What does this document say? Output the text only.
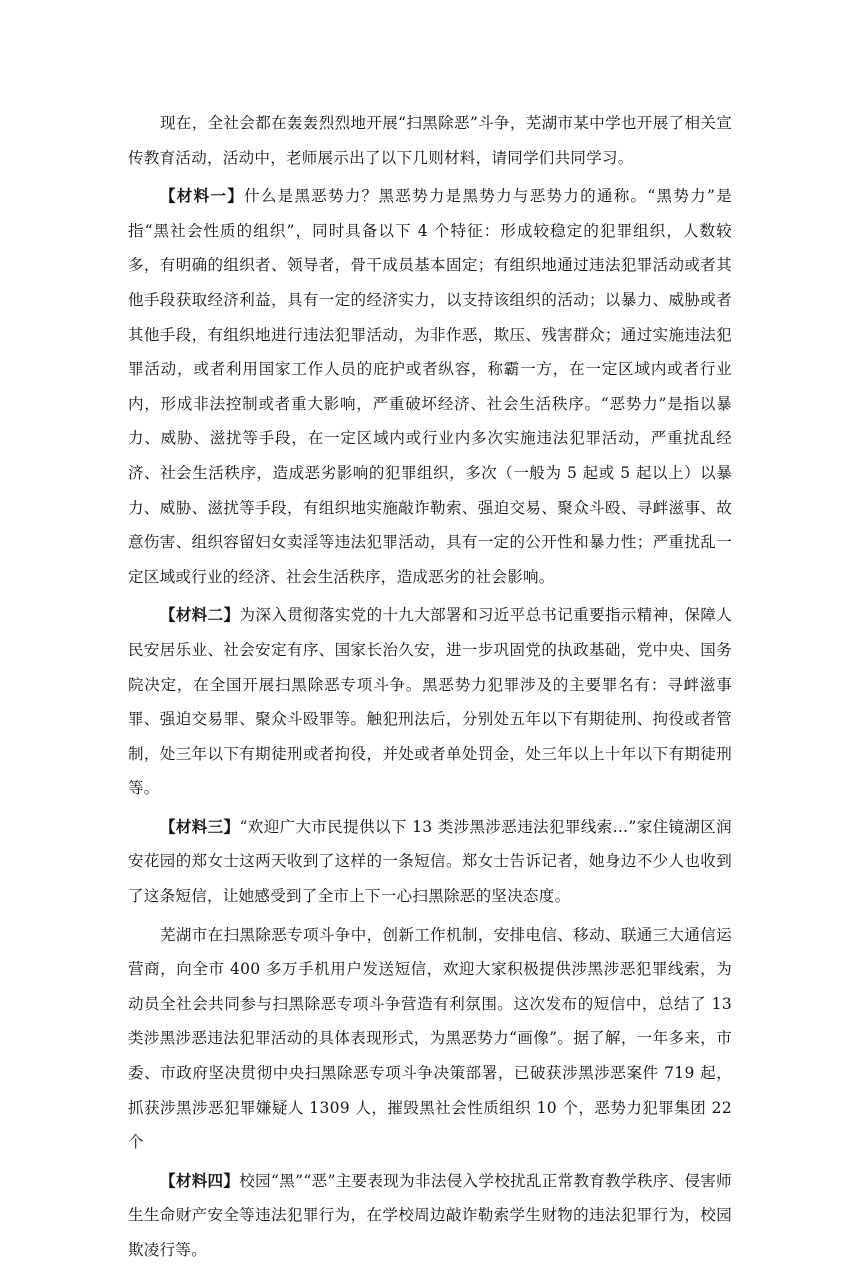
现在，全社会都在轰轰烈烈地开展“扫黑除恶”斗争，芜湖市某中学也开展了相关宣传教育活动，活动中，老师展示出了以下几则材料，请同学们共同学习。

【材料一】什么是黑恶势力？黑恶势力是黑势力与恶势力的通称。“黑势力”是指“黑社会性质的组织”，同时具备以下 4 个特征：形成较稳定的犯罪组织，人数较多，有明确的组织者、领导者，骨干成员基本固定；有组织地通过违法犯罪活动或者其他手段获取经济利益，具有一定的经济实力，以支持该组织的活动；以暴力、威胁或者其他手段，有组织地进行违法犯罪活动，为非作恶，欺压、残害群众；通过实施违法犯罪活动，或者利用国家工作人员的庇护或者纵容，称霸一方，在一定区域内或者行业内，形成非法控制或者重大影响，严重破坏经济、社会生活秩序。“恶势力”是指以暴力、威胁、滋扰等手段，在一定区域内或行业内多次实施违法犯罪活动，严重扰乱经济、社会生活秩序，造成恶劣影响的犯罪组织，多次（一般为 5 起或 5 起以上）以暴力、威胁、滋扰等手段，有组织地实施敲诈勒索、强迫交易、聚众斗殴、寻衅滋事、故意伤害、组织容留妇女卖淫等违法犯罪活动，具有一定的公开性和暴力性；严重扰乱一定区域或行业的经济、社会生活秩序，造成恶劣的社会影响。

【材料二】为深入贯彻落实党的十九大部署和习近平总书记重要指示精神，保障人民安居乐业、社会安定有序、国家长治久安，进一步巩固党的执政基础，党中央、国务院决定，在全国开展扫黑除恶专项斗争。黑恶势力犯罪涉及的主要罪名有：寻衅滋事罪、强迫交易罪、聚众斗殴罪等。触犯刑法后，分别处五年以下有期徒刑、拘役或者管制，处三年以下有期徒刑或者拘役，并处或者单处罚金，处三年以上十年以下有期徒刑等。

【材料三】“欢迎广大市民提供以下 13 类涉黑涉恶违法犯罪线索…”家住镜湖区润安花园的郑女士这两天收到了这样的一条短信。郑女士告诉记者，她身边不少人也收到了这条短信，让她感受到了全市上下一心扫黑除恶的坚决态度。

芜湖市在扫黑除恶专项斗争中，创新工作机制，安排电信、移动、联通三大通信运营商，向全市 400 多万手机用户发送短信，欢迎大家积极提供涉黑涉恶犯罪线索，为动员全社会共同参与扫黑除恶专项斗争营造有利氛围。这次发布的短信中，总结了 13 类涉黑涉恶违法犯罪活动的具体表现形式，为黑恶势力“画像”。据了解，一年多来，市委、市政府坚决贯彻中央扫黑除恶专项斗争决策部署，已破获涉黑涉恶案件 719 起，抓获涉黑涉恶犯罪嫌疑人 1309 人，摧毁黑社会性质组织 10 个，恶势力犯罪集团 22 个

【材料四】校园“黑”“恶”主要表现为非法侵入学校扰乱正常教育教学秩序、侵害师生生命财产安全等违法犯罪行为，在学校周边敲诈勒索学生财物的违法犯罪行为，校园欺凌行等。
